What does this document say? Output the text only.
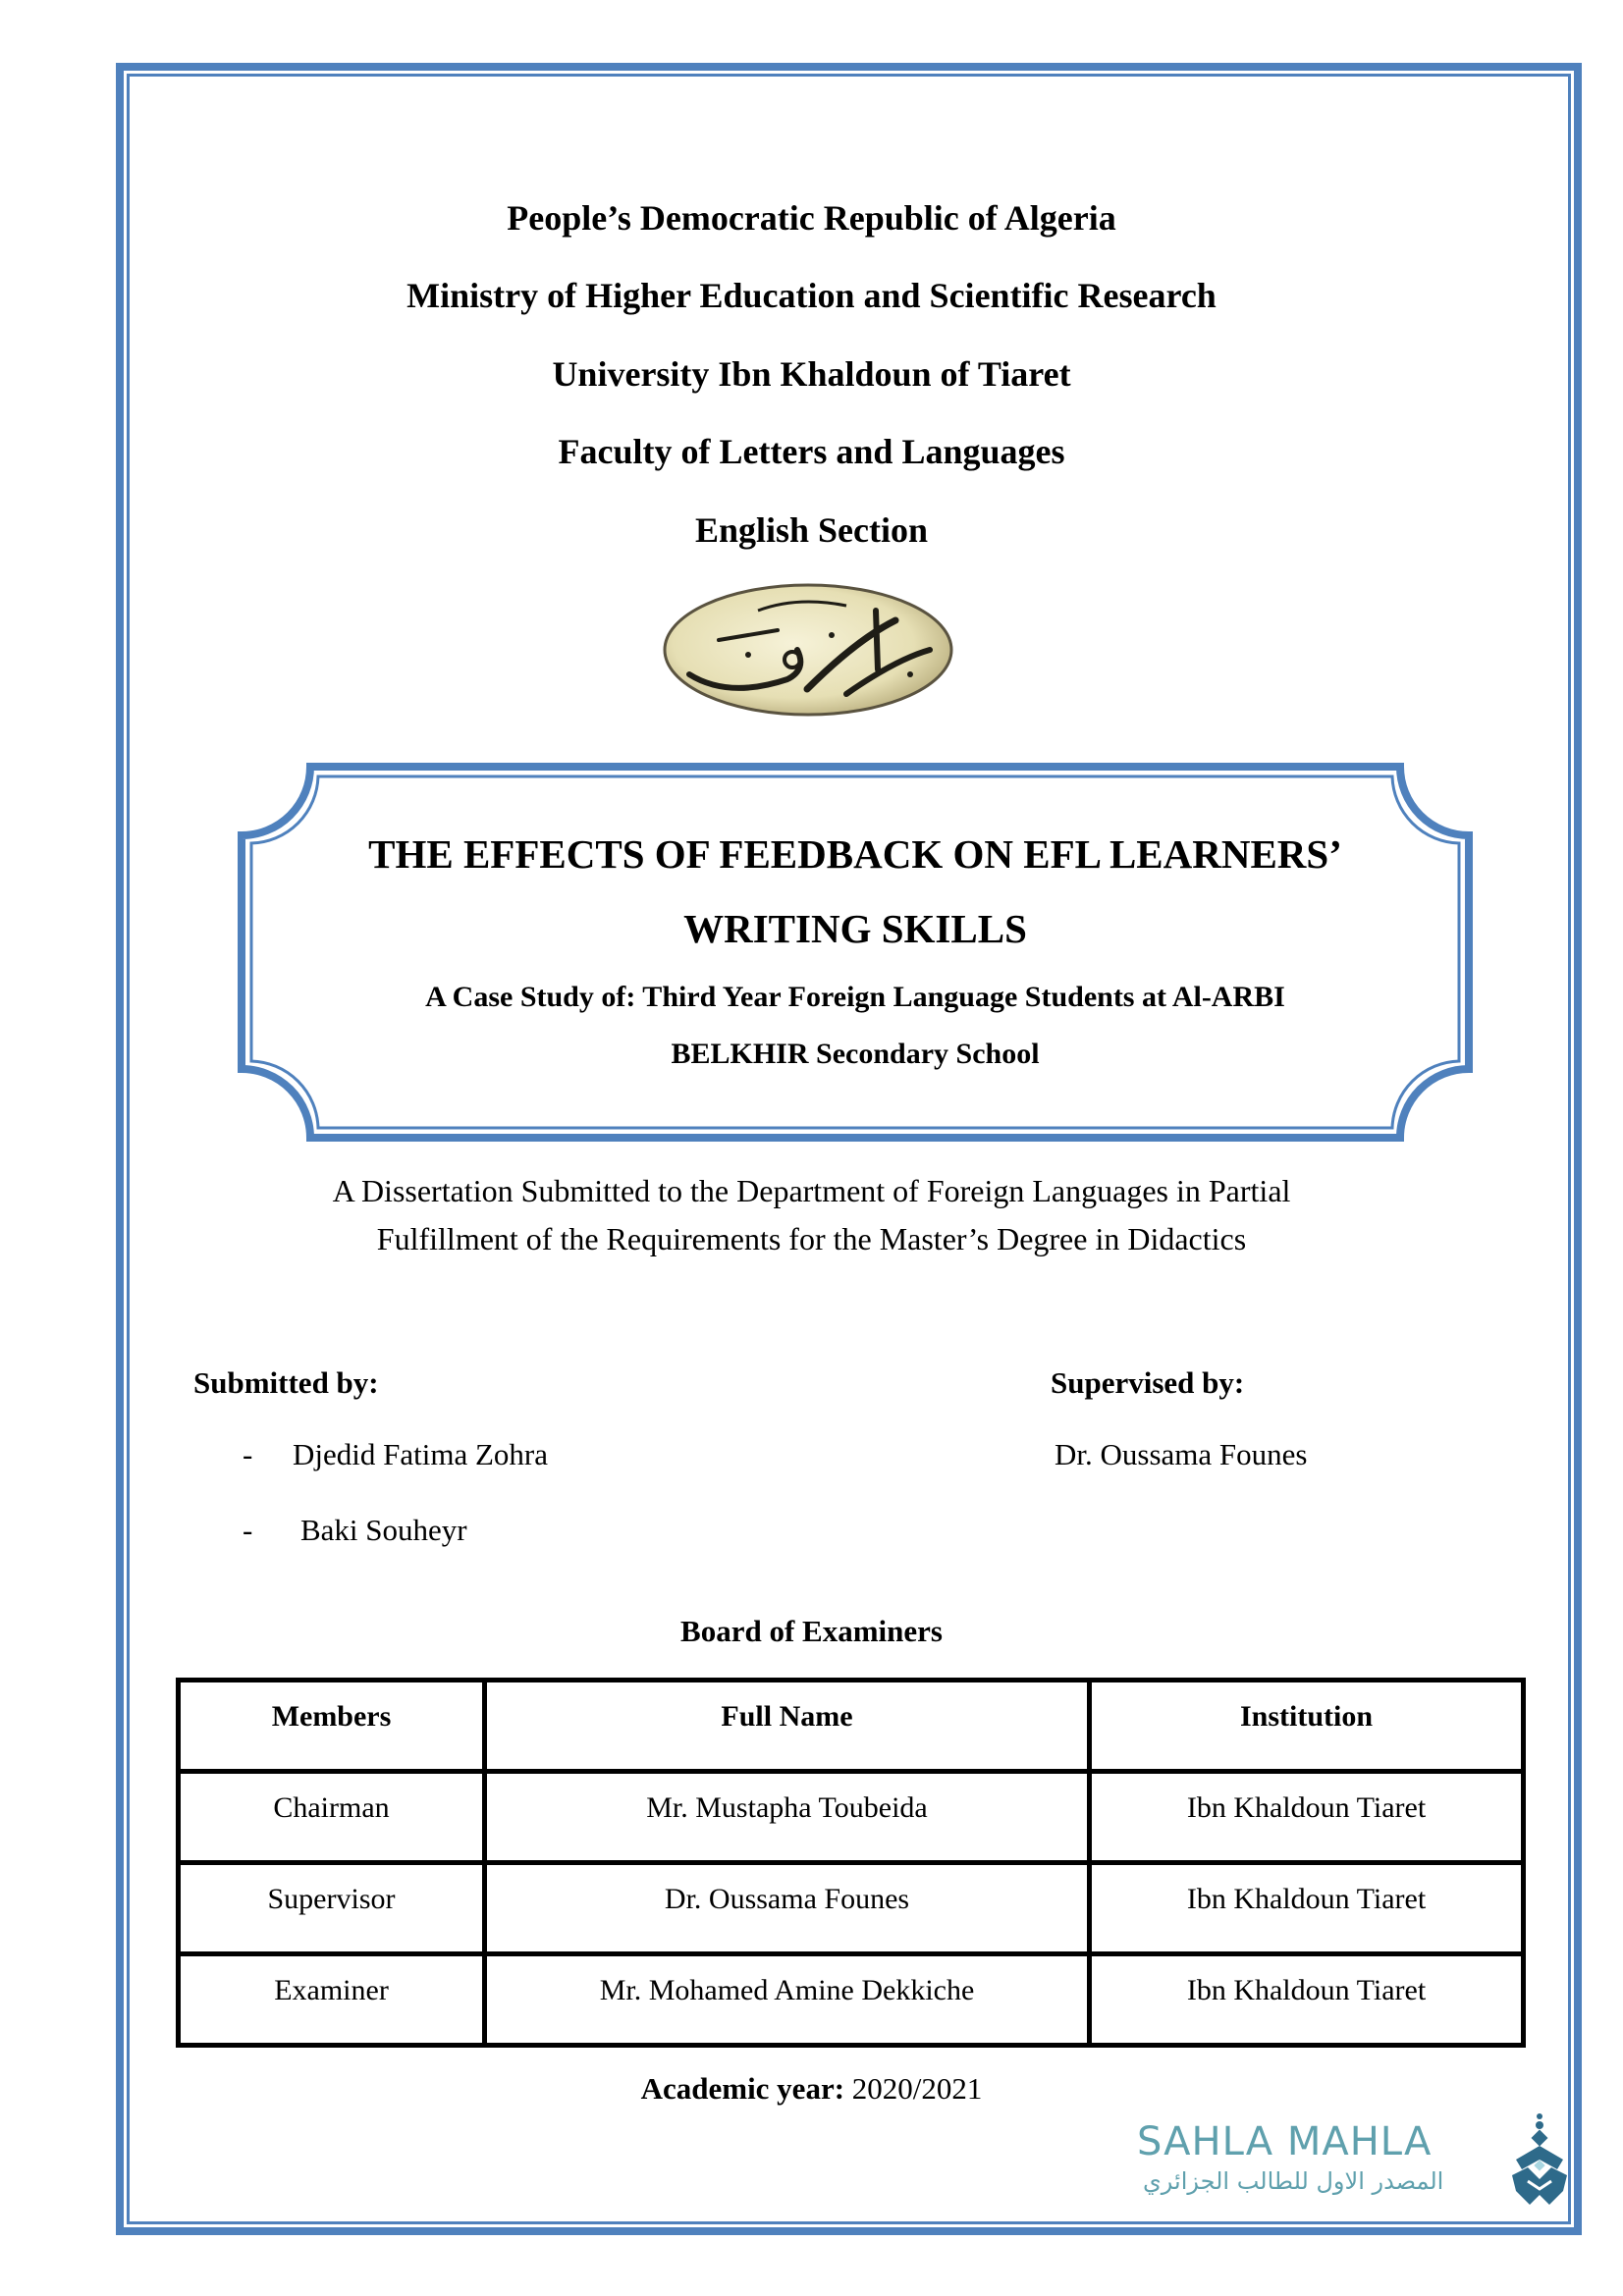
People’s Democratic Republic of Algeria
Ministry of Higher Education and Scientific Research
University Ibn Khaldoun of Tiaret
Faculty of Letters and Languages
English Section
THE EFFECTS OF FEEDBACK ON EFL LEARNERS’
WRITING SKILLS
A Case Study of: Third Year Foreign Language Students at Al-ARBI
BELKHIR Secondary School
A Dissertation Submitted to the Department of Foreign Languages in Partial
Fulfillment of the Requirements for the Master’s Degree in Didactics
Submitted by:
- Djedid Fatima Zohra
- Baki Souheyr
Supervised by:
Dr. Oussama Founes
Board of Examiners
Members	Full Name	Institution
Chairman	Mr. Mustapha Toubeida	Ibn Khaldoun Tiaret
Supervisor	Dr. Oussama Founes	Ibn Khaldoun Tiaret
Examiner	Mr. Mohamed Amine Dekkiche	Ibn Khaldoun Tiaret
Academic year: 2020/2021
SAHLA MAHLA
المصدر الاول للطالب الجزائري
